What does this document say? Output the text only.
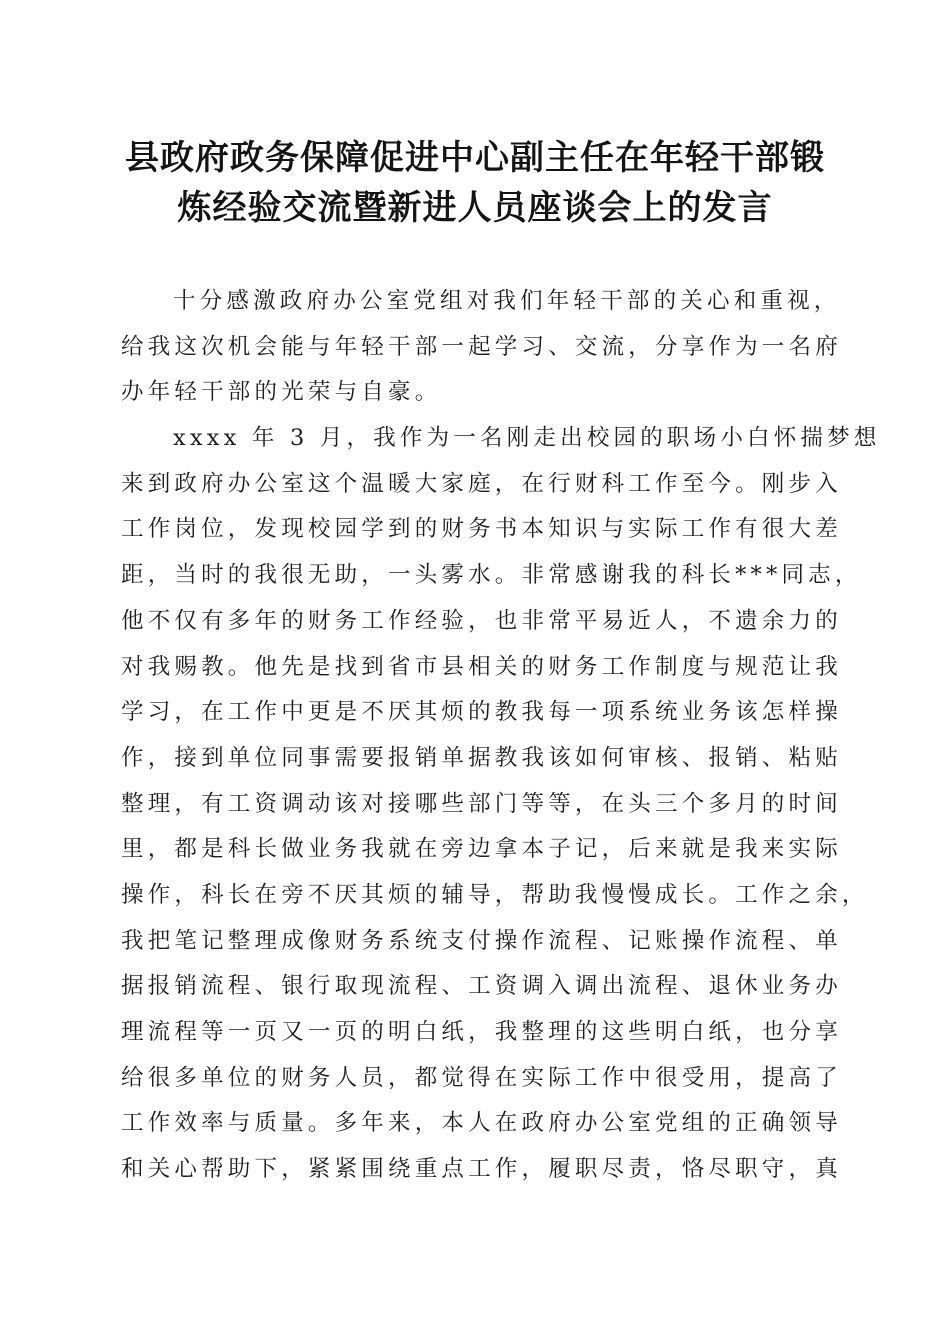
县政府政务保障促进中心副主任在年轻干部锻
炼经验交流暨新进人员座谈会上的发言
十分感激政府办公室党组对我们年轻干部的关心和重视，
给我这次机会能与年轻干部一起学习、交流，分享作为一名府
办年轻干部的光荣与自豪。
xxxx 年 3 月，我作为一名刚走出校园的职场小白怀揣梦想
来到政府办公室这个温暖大家庭，在行财科工作至今。刚步入
工作岗位，发现校园学到的财务书本知识与实际工作有很大差
距，当时的我很无助，一头雾水。非常感谢我的科长***同志，
他不仅有多年的财务工作经验，也非常平易近人，不遗余力的
对我赐教。他先是找到省市县相关的财务工作制度与规范让我
学习，在工作中更是不厌其烦的教我每一项系统业务该怎样操
作，接到单位同事需要报销单据教我该如何审核、报销、粘贴
整理，有工资调动该对接哪些部门等等，在头三个多月的时间
里，都是科长做业务我就在旁边拿本子记，后来就是我来实际
操作，科长在旁不厌其烦的辅导，帮助我慢慢成长。工作之余，
我把笔记整理成像财务系统支付操作流程、记账操作流程、单
据报销流程、银行取现流程、工资调入调出流程、退休业务办
理流程等一页又一页的明白纸，我整理的这些明白纸，也分享
给很多单位的财务人员，都觉得在实际工作中很受用，提高了
工作效率与质量。多年来，本人在政府办公室党组的正确领导
和关心帮助下，紧紧围绕重点工作，履职尽责，恪尽职守，真
